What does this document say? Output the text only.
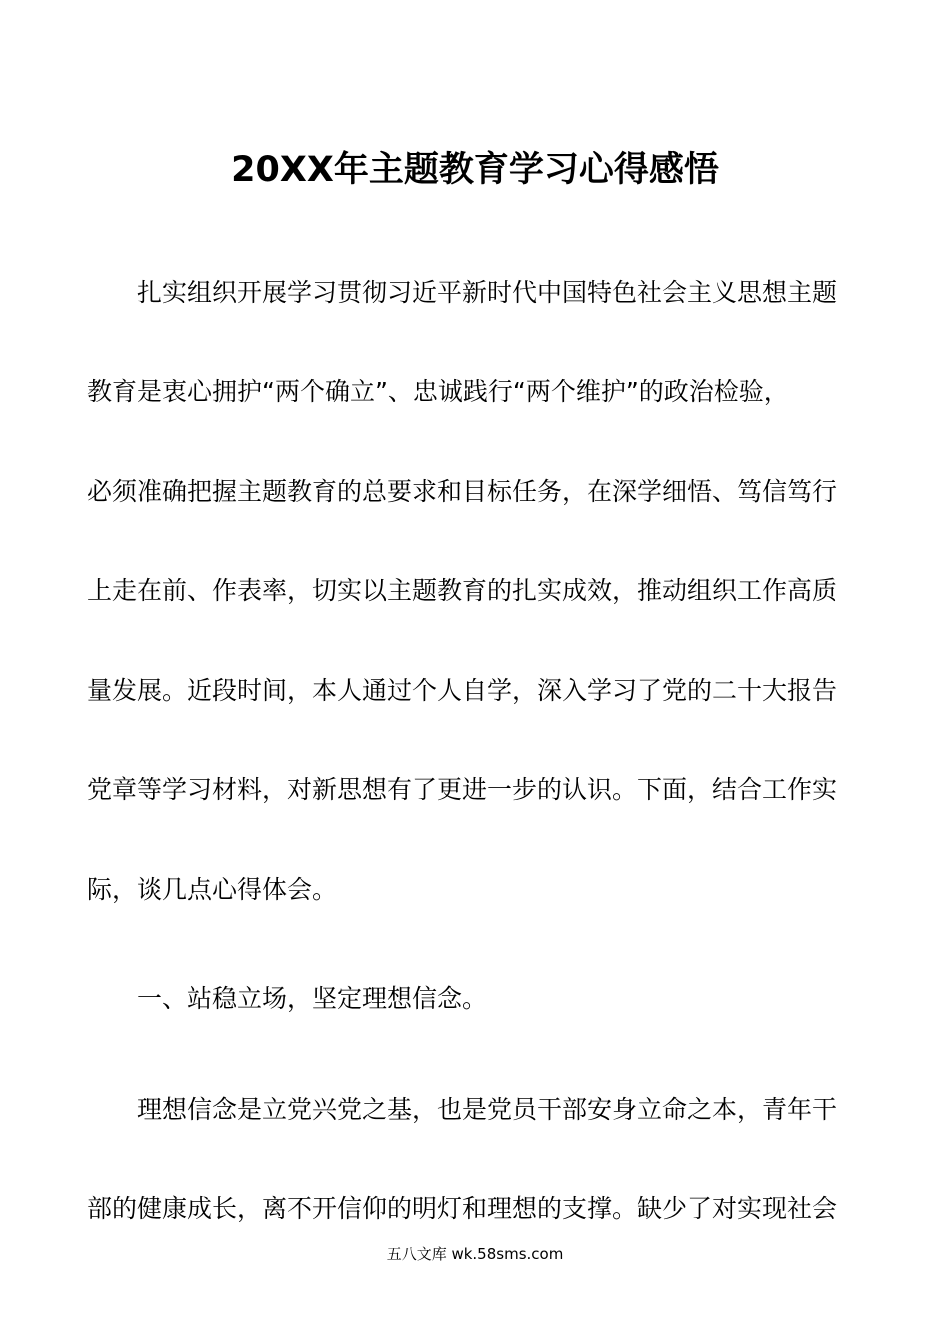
20XX年主题教育学习心得感悟
扎实组织开展学习贯彻习近平新时代中国特色社会主义思想主题
教育是衷心拥护“两个确立”、忠诚践行“两个维护”的政治检验，
必须准确把握主题教育的总要求和目标任务，在深学细悟、笃信笃行
上走在前、作表率，切实以主题教育的扎实成效，推动组织工作高质
量发展。近段时间，本人通过个人自学，深入学习了党的二十大报告
党章等学习材料，对新思想有了更进一步的认识。下面，结合工作实
际，谈几点心得体会。
一、站稳立场，坚定理想信念。
理想信念是立党兴党之基，也是党员干部安身立命之本，青年干
部的健康成长，离不开信仰的明灯和理想的支撑。缺少了对实现社会
五八文库 wk.58sms.com
